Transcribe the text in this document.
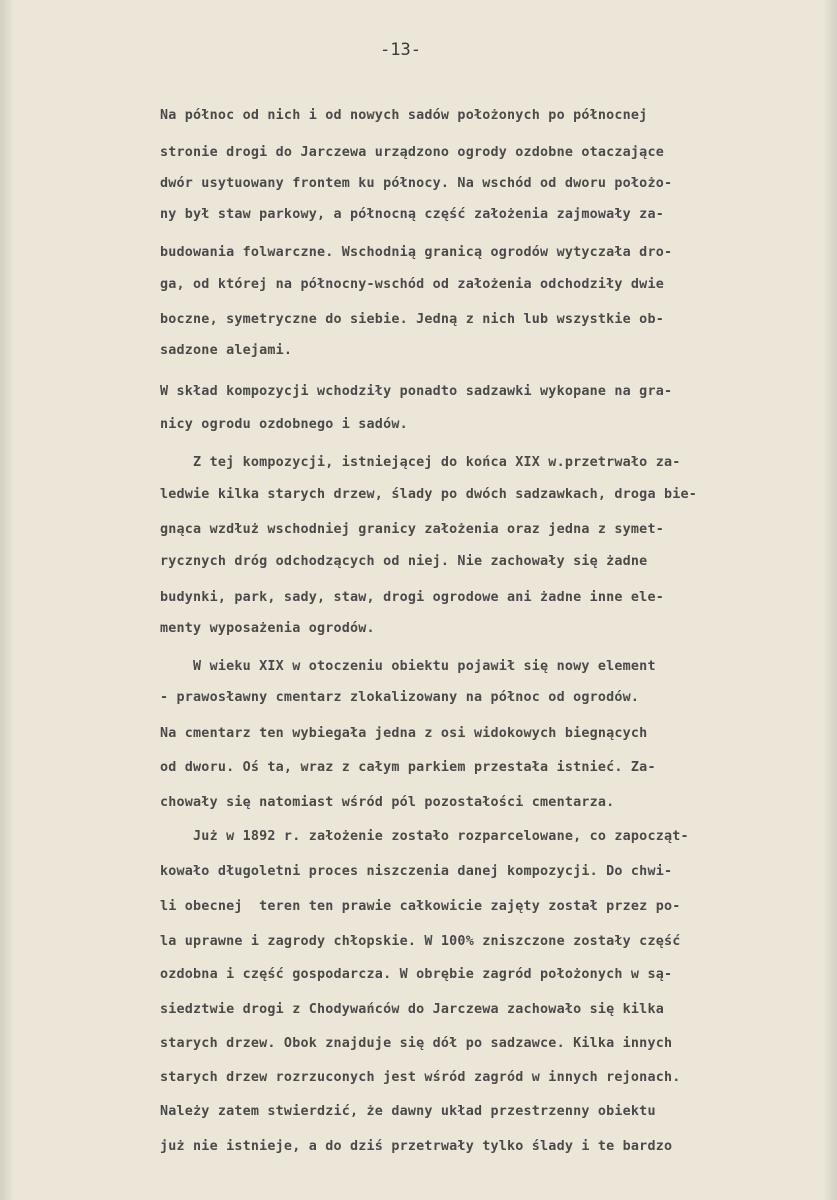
-13-
Na północ od nich i od nowych sadów położonych po północnej
stronie drogi do Jarczewa urządzono ogrody ozdobne otaczające
dwór usytuowany frontem ku północy. Na wschód od dworu położo-
ny był staw parkowy, a północną część założenia zajmowały za-
budowania folwarczne. Wschodnią granicą ogrodów wytyczała dro-
ga, od której na północny-wschód od założenia odchodziły dwie
boczne, symetryczne do siebie. Jedną z nich lub wszystkie ob-
sadzone alejami.
W skład kompozycji wchodziły ponadto sadzawki wykopane na gra-
nicy ogrodu ozdobnego i sadów.
Z tej kompozycji, istniejącej do końca XIX w.przetrwało za-
ledwie kilka starych drzew, ślady po dwóch sadzawkach, droga bie-
gnąca wzdłuż wschodniej granicy założenia oraz jedna z symet-
rycznych dróg odchodzących od niej. Nie zachowały się żadne
budynki, park, sady, staw, drogi ogrodowe ani żadne inne ele-
menty wyposażenia ogrodów.
W wieku XIX w otoczeniu obiektu pojawił się nowy element
- prawosławny cmentarz zlokalizowany na północ od ogrodów.
Na cmentarz ten wybiegała jedna z osi widokowych biegnących
od dworu. Oś ta, wraz z całym parkiem przestała istnieć. Za-
chowały się natomiast wśród pól pozostałości cmentarza.
Już w 1892 r. założenie zostało rozparcelowane, co zapocząt-
kowało długoletni proces niszczenia danej kompozycji. Do chwi-
li obecnej  teren ten prawie całkowicie zajęty został przez po-
la uprawne i zagrody chłopskie. W 100% zniszczone zostały część
ozdobna i część gospodarcza. W obrębie zagród położonych w są-
siedztwie drogi z Chodywańców do Jarczewa zachowało się kilka
starych drzew. Obok znajduje się dół po sadzawce. Kilka innych
starych drzew rozrzuconych jest wśród zagród w innych rejonach.
Należy zatem stwierdzić, że dawny układ przestrzenny obiektu
już nie istnieje, a do dziś przetrwały tylko ślady i te bardzo
